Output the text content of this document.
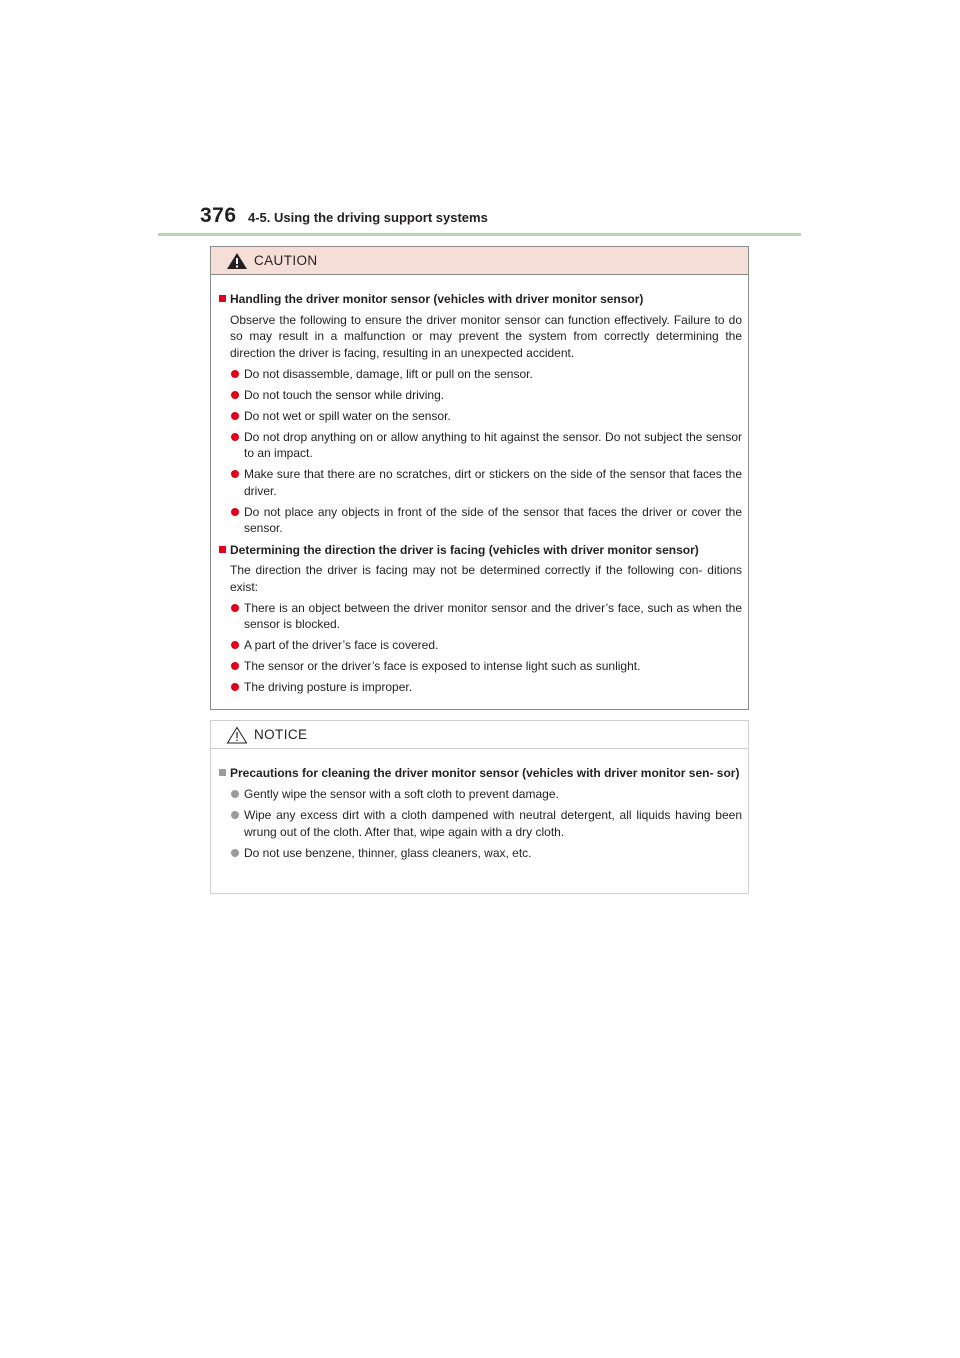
376 4-5. Using the driving support systems
CAUTION
Handling the driver monitor sensor (vehicles with driver monitor sensor)
Observe the following to ensure the driver monitor sensor can function effectively. Failure to do so may result in a malfunction or may prevent the system from correctly determining the direction the driver is facing, resulting in an unexpected accident.
Do not disassemble, damage, lift or pull on the sensor.
Do not touch the sensor while driving.
Do not wet or spill water on the sensor.
Do not drop anything on or allow anything to hit against the sensor. Do not subject the sensor to an impact.
Make sure that there are no scratches, dirt or stickers on the side of the sensor that faces the driver.
Do not place any objects in front of the side of the sensor that faces the driver or cover the sensor.
Determining the direction the driver is facing (vehicles with driver monitor sensor)
The direction the driver is facing may not be determined correctly if the following con- ditions exist:
There is an object between the driver monitor sensor and the driver’s face, such as when the sensor is blocked.
A part of the driver’s face is covered.
The sensor or the driver’s face is exposed to intense light such as sunlight.
The driving posture is improper.
NOTICE
Precautions for cleaning the driver monitor sensor (vehicles with driver monitor sen- sor)
Gently wipe the sensor with a soft cloth to prevent damage.
Wipe any excess dirt with a cloth dampened with neutral detergent, all liquids having been wrung out of the cloth. After that, wipe again with a dry cloth.
Do not use benzene, thinner, glass cleaners, wax, etc.
